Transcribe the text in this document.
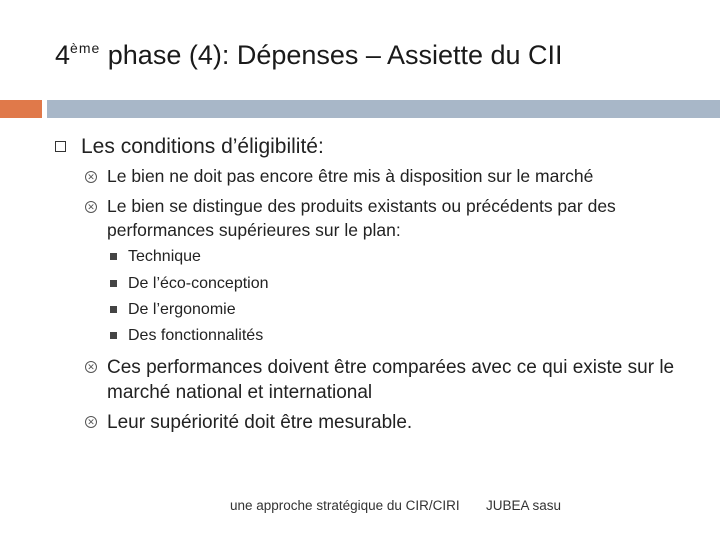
4ème phase (4): Dépenses – Assiette du CII
Les conditions d’éligibilité:
✕ Le bien ne doit pas encore être mis à disposition sur le marché
✕ Le bien se distingue des produits existants ou précédents par des performances supérieures sur le plan:
Technique
De l’éco-conception
De l’ergonomie
Des fonctionnalités
✕ Ces performances doivent être comparées avec ce qui existe sur le marché national et international
✕ Leur supériorité doit être mesurable.
une approche stratégique du CIR/CIRI JUBEA sasu
